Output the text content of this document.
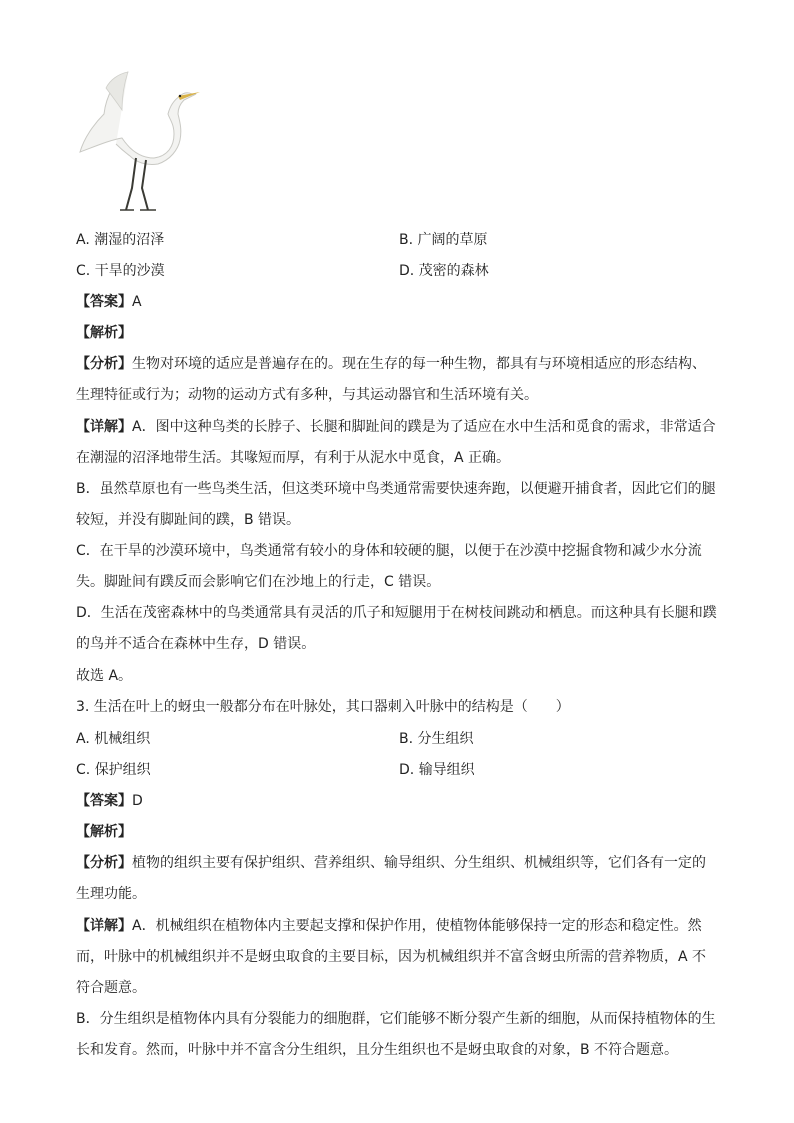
A. 潮湿的沼泽	B. 广阔的草原
C. 干旱的沙漠	D. 茂密的森林
【答案】A
【解析】
【分析】生物对环境的适应是普遍存在的。现在生存的每一种生物，都具有与环境相适应的形态结构、
生理特征或行为；动物的运动方式有多种，与其运动器官和生活环境有关。
【详解】A．图中这种鸟类的长脖子、长腿和脚趾间的蹼是为了适应在水中生活和觅食的需求，非常适合
在潮湿的沼泽地带生活。其喙短而厚，有利于从泥水中觅食，A 正确。
B．虽然草原也有一些鸟类生活，但这类环境中鸟类通常需要快速奔跑，以便避开捕食者，因此它们的腿
较短，并没有脚趾间的蹼，B 错误。
C．在干旱的沙漠环境中，鸟类通常有较小的身体和较硬的腿，以便于在沙漠中挖掘食物和减少水分流
失。脚趾间有蹼反而会影响它们在沙地上的行走，C 错误。
D．生活在茂密森林中的鸟类通常具有灵活的爪子和短腿用于在树枝间跳动和栖息。而这种具有长腿和蹼
的鸟并不适合在森林中生存，D 错误。
故选 A。
3. 生活在叶上的蚜虫一般都分布在叶脉处，其口器刺入叶脉中的结构是（　　）
A. 机械组织	B. 分生组织
C. 保护组织	D. 输导组织
【答案】D
【解析】
【分析】植物的组织主要有保护组织、营养组织、输导组织、分生组织、机械组织等，它们各有一定的
生理功能。
【详解】A．机械组织在植物体内主要起支撑和保护作用，使植物体能够保持一定的形态和稳定性。然
而，叶脉中的机械组织并不是蚜虫取食的主要目标，因为机械组织并不富含蚜虫所需的营养物质，A 不
符合题意。
B．分生组织是植物体内具有分裂能力的细胞群，它们能够不断分裂产生新的细胞，从而保持植物体的生
长和发育。然而，叶脉中并不富含分生组织，且分生组织也不是蚜虫取食的对象，B 不符合题意。
